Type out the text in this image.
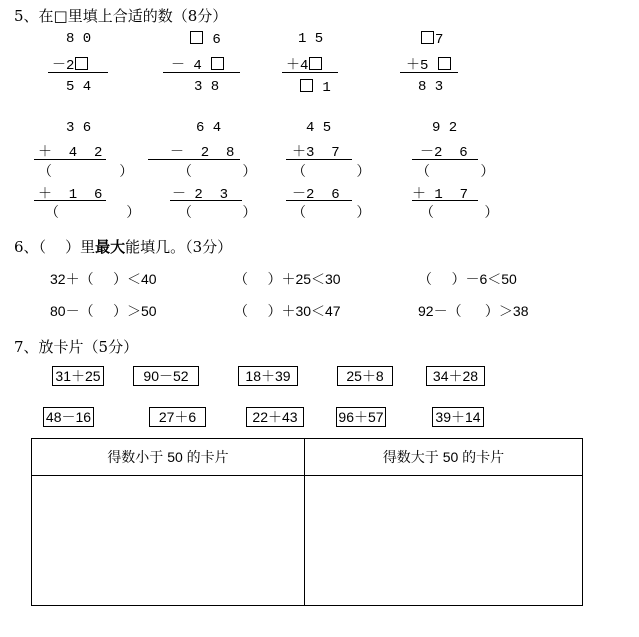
5、在□里填上合适的数（8分）
8 0
－2
5 4
6
－ 4
3 8
1 5
＋4
1
7
＋5
8 3
3 6
＋  4  2
（        ）
＋  1  6
（        ）
6 4
－  2  8
（      ）
－ 2  3
（      ）
4 5
＋3  7
（      ）
－2  6
（      ）
9 2
－2  6
（      ）
＋ 1  7
（      ）
6、（    ）里最大能填几。（3分）
32＋（     ）＜40	（     ）＋25＜30	（     ）－6＜50
80－（     ）＞50	（     ）＋30＜47	92－（      ）＞38
7、放卡片（5分）
31＋25	90－52	18＋39	25＋8	34＋28
48－16	27＋6	22＋43	96＋57	39＋14
得数小于 50 的卡片	得数大于 50 的卡片
